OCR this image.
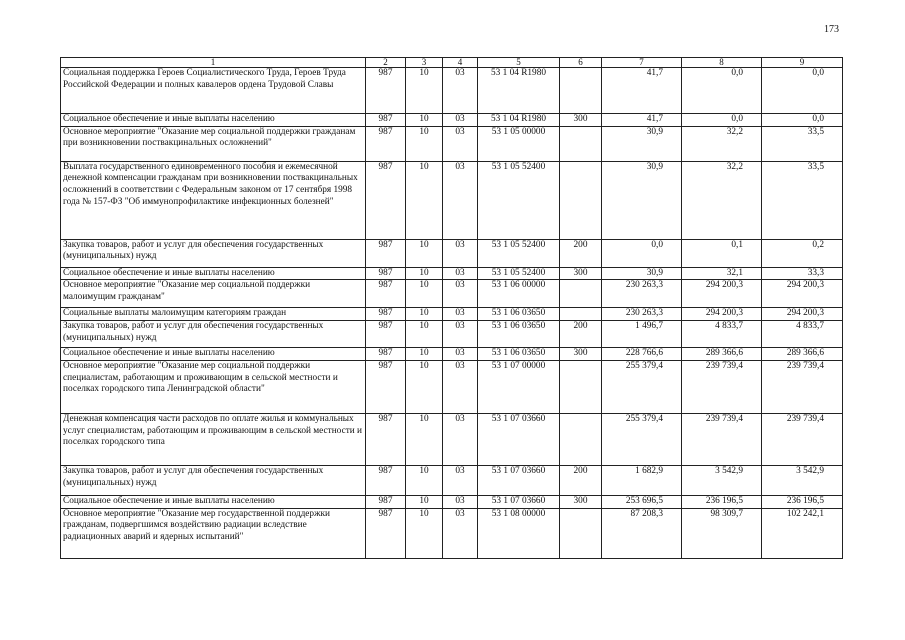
173
1	2	3	4	5	6	7	8	9
Социальная поддержка Героев Социалистического Труда, Героев Труда Российской Федерации и полных кавалеров ордена Трудовой Славы	987	10	03	53 1 04 R1980		41,7	0,0	0,0
Социальное обеспечение и иные выплаты населению	987	10	03	53 1 04 R1980	300	41,7	0,0	0,0
Основное мероприятие "Оказание мер социальной поддержки гражданам при возникновении поствакцинальных осложнений"	987	10	03	53 1 05 00000		30,9	32,2	33,5
Выплата государственного единовременного пособия и ежемесячной денежной компенсации гражданам при возникновении поствакцинальных осложнений в соответствии с Федеральным законом от 17 сентября 1998 года № 157-ФЗ "Об иммунопрофилактике инфекционных болезней"	987	10	03	53 1 05 52400		30,9	32,2	33,5
Закупка товаров, работ и услуг для обеспечения государственных (муниципальных) нужд	987	10	03	53 1 05 52400	200	0,0	0,1	0,2
Социальное обеспечение и иные выплаты населению	987	10	03	53 1 05 52400	300	30,9	32,1	33,3
Основное мероприятие "Оказание мер социальной поддержки малоимущим гражданам"	987	10	03	53 1 06 00000		230 263,3	294 200,3	294 200,3
Социальные выплаты малоимущим категориям граждан	987	10	03	53 1 06 03650		230 263,3	294 200,3	294 200,3
Закупка товаров, работ и услуг для обеспечения государственных (муниципальных) нужд	987	10	03	53 1 06 03650	200	1 496,7	4 833,7	4 833,7
Социальное обеспечение и иные выплаты населению	987	10	03	53 1 06 03650	300	228 766,6	289 366,6	289 366,6
Основное мероприятие "Оказание мер социальной поддержки специалистам, работающим и проживающим в сельской местности и поселках городского типа Ленинградской области"	987	10	03	53 1 07 00000		255 379,4	239 739,4	239 739,4
Денежная компенсация части расходов по оплате жилья и коммунальных услуг специалистам, работающим и проживающим в сельской местности и поселках городского типа	987	10	03	53 1 07 03660		255 379,4	239 739,4	239 739,4
Закупка товаров, работ и услуг для обеспечения государственных (муниципальных) нужд	987	10	03	53 1 07 03660	200	1 682,9	3 542,9	3 542,9
Социальное обеспечение и иные выплаты населению	987	10	03	53 1 07 03660	300	253 696,5	236 196,5	236 196,5
Основное мероприятие "Оказание мер государственной поддержки гражданам, подвергшимся воздействию радиации вследствие радиационных аварий и ядерных испытаний"	987	10	03	53 1 08 00000		87 208,3	98 309,7	102 242,1
